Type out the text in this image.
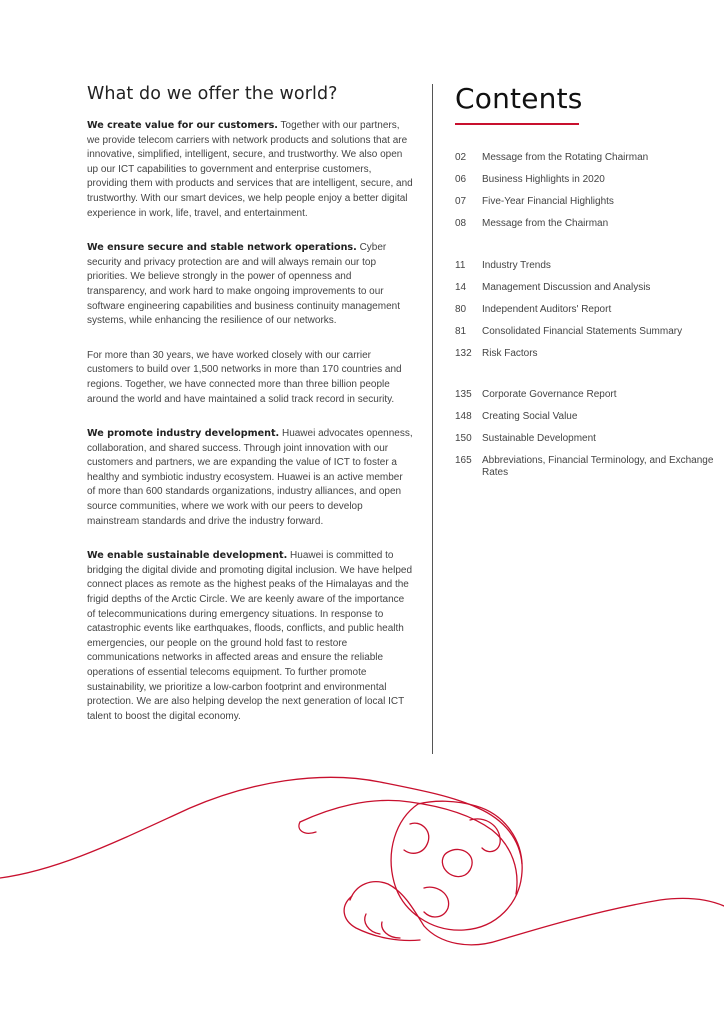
What do we offer the world?

We create value for our customers. Together with our partners, we provide telecom carriers with network products and solutions that are innovative, simplified, intelligent, secure, and trustworthy. We also open up our ICT capabilities to government and enterprise customers, providing them with products and services that are intelligent, secure, and trustworthy. With our smart devices, we help people enjoy a better digital experience in work, life, travel, and entertainment.

We ensure secure and stable network operations. Cyber security and privacy protection are and will always remain our top priorities. We believe strongly in the power of openness and transparency, and work hard to make ongoing improvements to our software engineering capabilities and business continuity management systems, while enhancing the resilience of our networks.

For more than 30 years, we have worked closely with our carrier customers to build over 1,500 networks in more than 170 countries and regions. Together, we have connected more than three billion people around the world and have maintained a solid track record in security.

We promote industry development. Huawei advocates openness, collaboration, and shared success. Through joint innovation with our customers and partners, we are expanding the value of ICT to foster a healthy and symbiotic industry ecosystem. Huawei is an active member of more than 600 standards organizations, industry alliances, and open source communities, where we work with our peers to develop mainstream standards and drive the industry forward.

We enable sustainable development. Huawei is committed to bridging the digital divide and promoting digital inclusion. We have helped connect places as remote as the highest peaks of the Himalayas and the frigid depths of the Arctic Circle. We are keenly aware of the importance of telecommunications during emergency situations. In response to catastrophic events like earthquakes, floods, conflicts, and public health emergencies, our people on the ground hold fast to restore communications networks in affected areas and ensure the reliable operations of essential telecoms equipment. To further promote sustainability, we prioritize a low-carbon footprint and environmental protection. We are also helping develop the next generation of local ICT talent to boost the digital economy.

Contents
02	Message from the Rotating Chairman
06	Business Highlights in 2020
07	Five-Year Financial Highlights
08	Message from the Chairman
11	Industry Trends
14	Management Discussion and Analysis
80	Independent Auditors' Report
81	Consolidated Financial Statements Summary
132	Risk Factors
135	Corporate Governance Report
148	Creating Social Value
150	Sustainable Development
165	Abbreviations, Financial Terminology, and Exchange Rates
